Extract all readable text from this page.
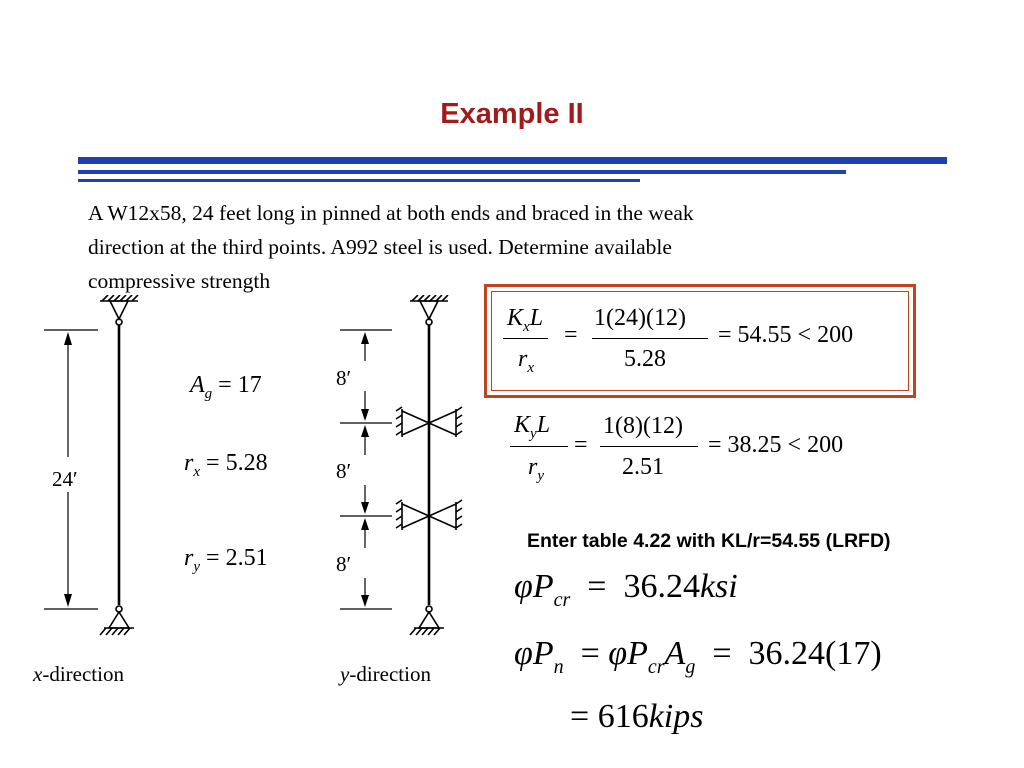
Example II
A W12x58, 24 feet long in pinned at both ends and braced in the weak
direction at the third points. A992 steel is used. Determine available
compressive strength
24′
x-direction
8′
8′
8′
y-direction
$A_g = 17$
$r_x = 5.28$
$r_y = 2.51$
$K_xL$
$r_x$
=
1(24)(12)
5.28
= 54.55 < 200
$K_yL$
$r_y$
=
1(8)(12)
2.51
= 38.25 < 200
Enter table 4.22 with KL/r=54.55 (LRFD)
$\varphi P_{cr} = 36.24ksi$
$\varphi P_n = \varphi P_{cr}A_g = 36.24(17)$
= 616kips
